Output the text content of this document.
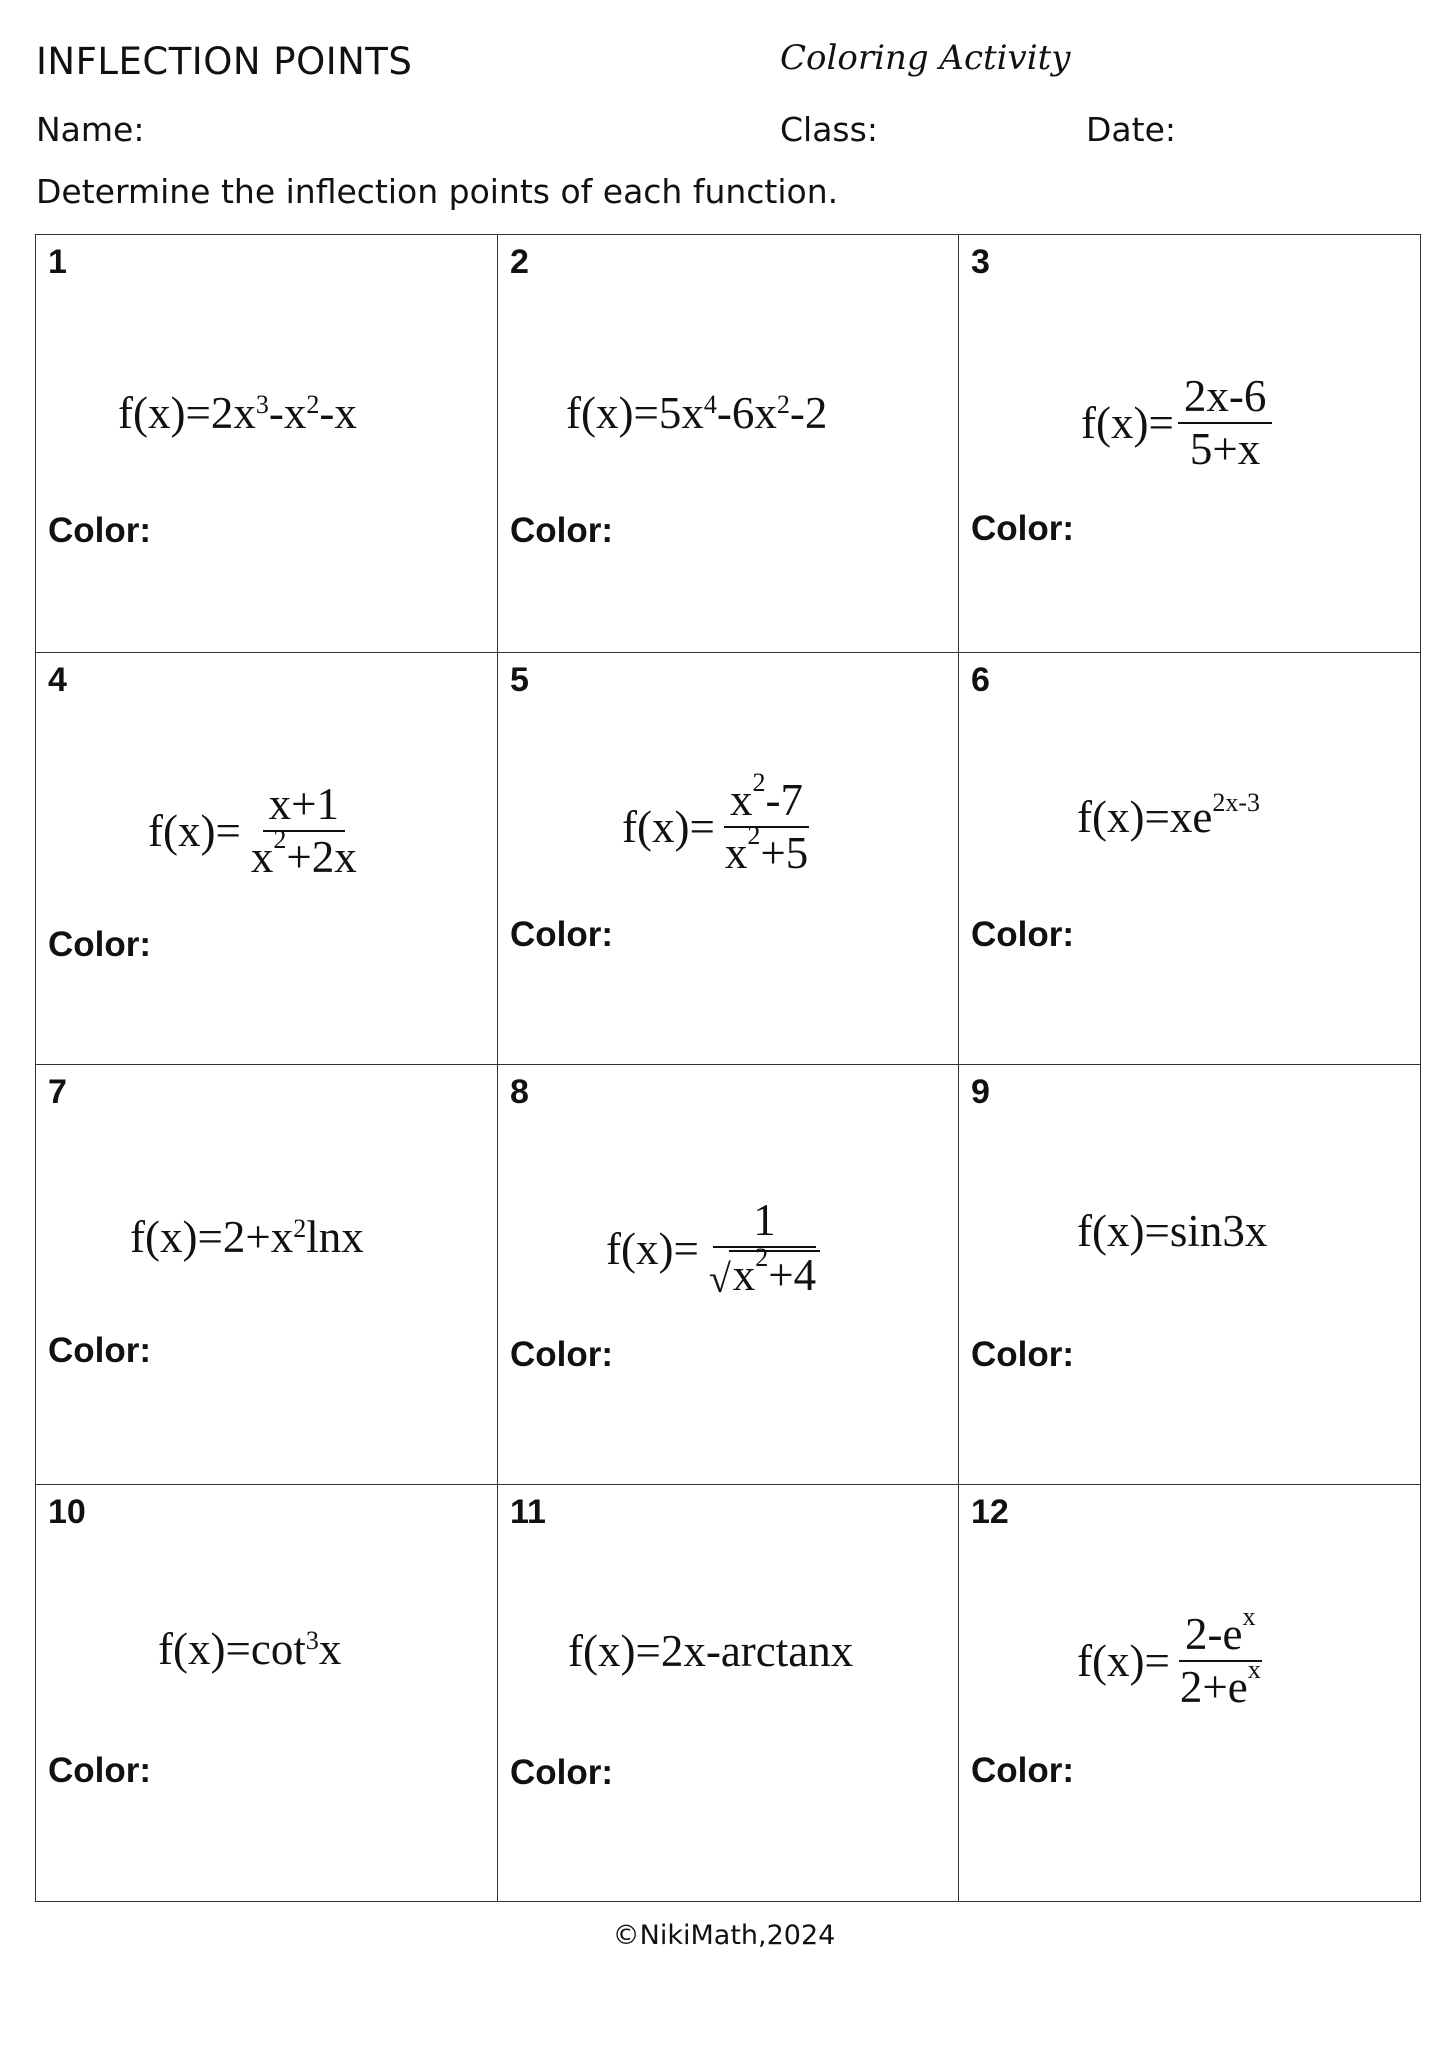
INFLECTION POINTS	Coloring Activity
Name:	Class:	Date:
Determine the inflection points of each function.
1
$f(x)= 2x^3$ $-x^2$ -x
Color:
2
$f(x)= 5x^4$ $-6x^2$ -2
Color:
3
$f(x)= \frac{2x-6}{5+x}$
Color:
4
$f(x)= \frac{x+1}{x^2+2x}$
Color:
5
$f(x)= \frac{x^2-7}{x^2+5}$
Color:
6
$f(x)= xe^{2x-3}$
Color:
7
$f(x)= 2+x^2$ lnx
Color:
8
$f(x)= \frac{1}{√ x^2+4}$
Color:
9
f(x)= sin3x
Color:
10
$f(x)= \cot^3 x$
Color:
11
f(x)= 2x-arctanx
Color:
12
$f(x)= \frac{2-e^x}{2+e^x}$
Color:
©NikiMath,2024
